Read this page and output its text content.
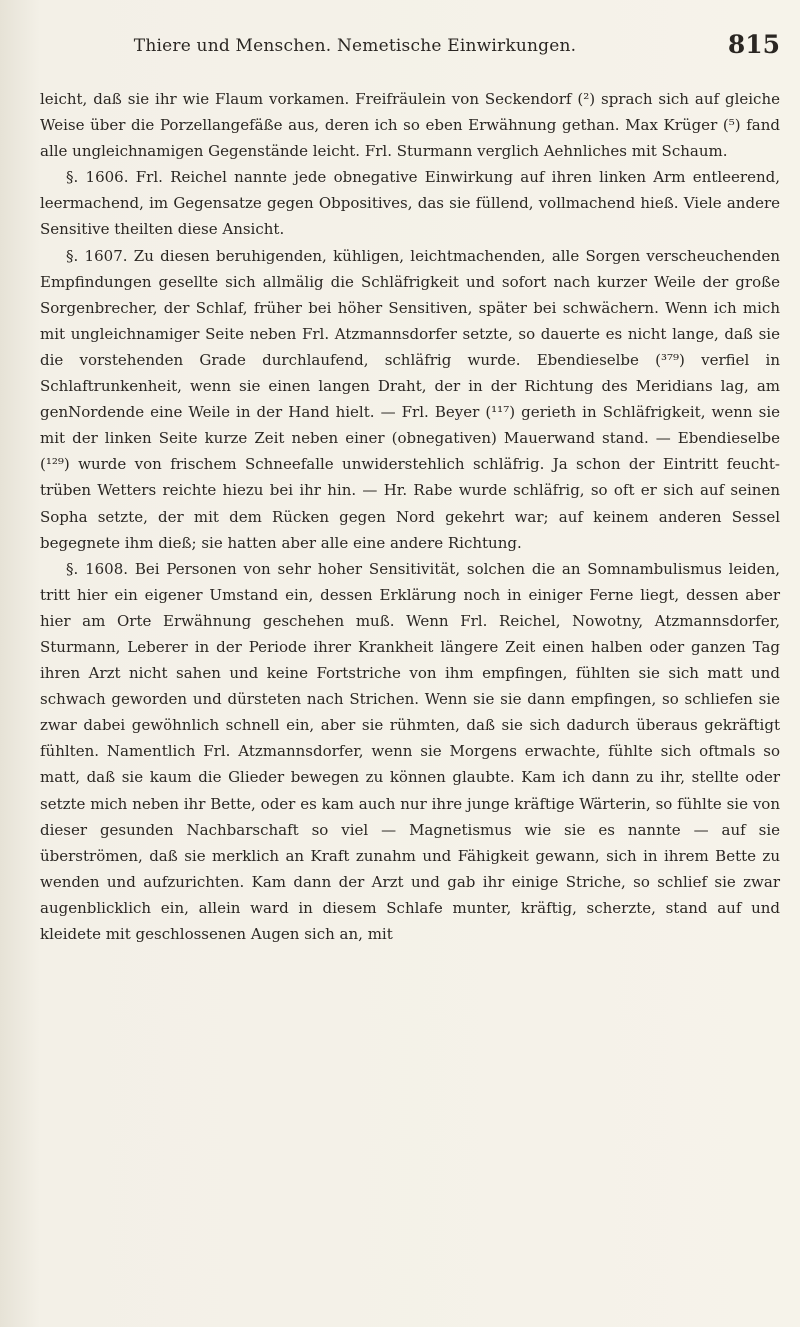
Thiere und Menschen. Nemetische Einwirkungen.	815

leicht, daß sie ihr wie Flaum vorkamen. Freifräulein von Seckendorf (²) sprach sich auf gleiche Weise über die Porzellangefäße aus, deren ich so eben Erwähnung gethan. Max Krüger (⁵) fand alle ungleichnamigen Gegenstände leicht. Frl. Sturmann verglich Aehnliches mit Schaum.

§. 1606. Frl. Reichel nannte jede obnegative Einwirkung auf ihren linken Arm entleerend, leermachend, im Gegensatze gegen Obpositives, das sie füllend, vollmachend hieß. Viele andere Sensitive theilten diese Ansicht.

§. 1607. Zu diesen beruhigenden, kühligen, leichtmachenden, alle Sorgen verscheuchenden Empfindungen gesellte sich allmälig die Schläfrigkeit und sofort nach kurzer Weile der große Sorgenbrecher, der Schlaf, früher bei höher Sensitiven, später bei schwächern. Wenn ich mich mit ungleichnamiger Seite neben Frl. Atzmannsdorfer setzte, so dauerte es nicht lange, daß sie die vorstehenden Grade durchlaufend, schläfrig wurde. Ebendieselbe (³⁷⁹) verfiel in Schlaftrunkenheit, wenn sie einen langen Draht, der in der Richtung des Meridians lag, am genNordende eine Weile in der Hand hielt. — Frl. Beyer (¹¹⁷) gerieth in Schläfrigkeit, wenn sie mit der linken Seite kurze Zeit neben einer (obnegativen) Mauerwand stand. — Ebendieselbe (¹²⁹) wurde von frischem Schneefalle unwiderstehlich schläfrig. Ja schon der Eintritt feucht-trüben Wetters reichte hiezu bei ihr hin. — Hr. Rabe wurde schläfrig, so oft er sich auf seinen Sopha setzte, der mit dem Rücken gegen Nord gekehrt war; auf keinem anderen Sessel begegnete ihm dieß; sie hatten aber alle eine andere Richtung.

§. 1608. Bei Personen von sehr hoher Sensitivität, solchen die an Somnambulismus leiden, tritt hier ein eigener Umstand ein, dessen Erklärung noch in einiger Ferne liegt, dessen aber hier am Orte Erwähnung geschehen muß. Wenn Frl. Reichel, Nowotny, Atzmannsdorfer, Sturmann, Leberer in der Periode ihrer Krankheit längere Zeit einen halben oder ganzen Tag ihren Arzt nicht sahen und keine Fortstriche von ihm empfingen, fühlten sie sich matt und schwach geworden und dürsteten nach Strichen. Wenn sie sie dann empfingen, so schliefen sie zwar dabei gewöhnlich schnell ein, aber sie rühmten, daß sie sich dadurch überaus gekräftigt fühlten. Namentlich Frl. Atzmannsdorfer, wenn sie Morgens erwachte, fühlte sich oftmals so matt, daß sie kaum die Glieder bewegen zu können glaubte. Kam ich dann zu ihr, stellte oder setzte mich neben ihr Bette, oder es kam auch nur ihre junge kräftige Wärterin, so fühlte sie von dieser gesunden Nachbarschaft so viel — Magnetismus wie sie es nannte — auf sie überströmen, daß sie merklich an Kraft zunahm und Fähigkeit gewann, sich in ihrem Bette zu wenden und aufzurichten. Kam dann der Arzt und gab ihr einige Striche, so schlief sie zwar augenblicklich ein, allein ward in diesem Schlafe munter, kräftig, scherzte, stand auf und kleidete mit geschlossenen Augen sich an, mit
